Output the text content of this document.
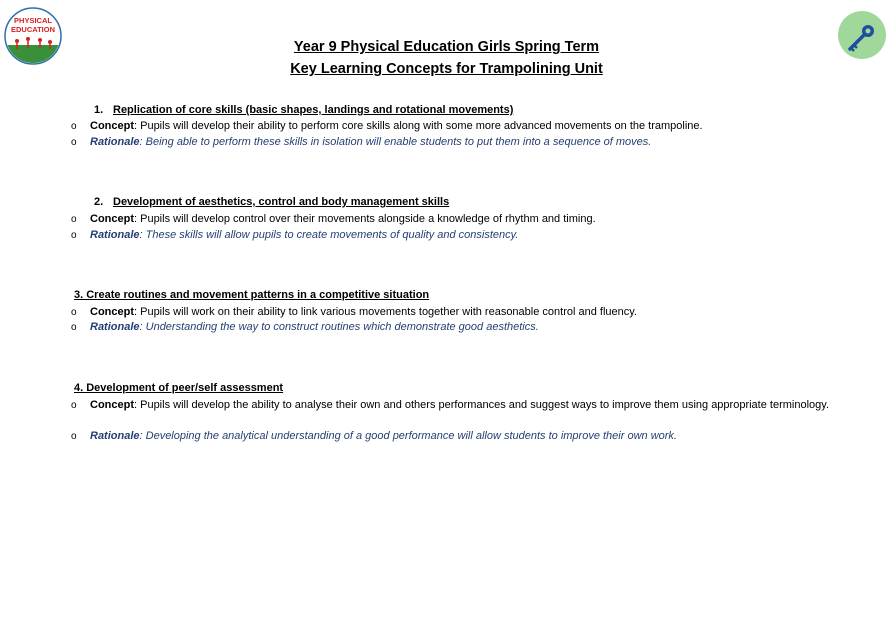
PHYSICAL
EDUCATION
Year 9 Physical Education Girls Spring Term
Key Learning Concepts for Trampolining Unit
1. Replication of core skills (basic shapes, landings and rotational movements)
o Concept: Pupils will develop their ability to perform core skills along with some more advanced movements on the trampoline.
o Rationale: Being able to perform these skills in isolation will enable students to put them into a sequence of moves.
2. Development of aesthetics, control and body management skills
o Concept: Pupils will develop control over their movements alongside a knowledge of rhythm and timing.
o Rationale: These skills will allow pupils to create movements of quality and consistency.
3. Create routines and movement patterns in a competitive situation
o Concept: Pupils will work on their ability to link various movements together with reasonable control and fluency.
o Rationale: Understanding the way to construct routines which demonstrate good aesthetics.
4. Development of peer/self assessment
o Concept: Pupils will develop the ability to analyse their own and others performances and suggest ways to improve them using appropriate terminology.
o Rationale: Developing the analytical understanding of a good performance will allow students to improve their own work.
